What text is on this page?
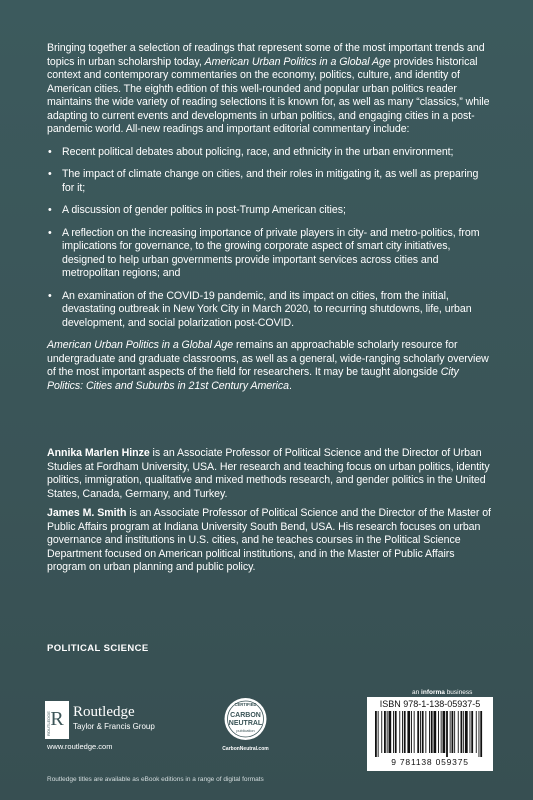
Bringing together a selection of readings that represent some of the most important trends and topics in urban scholarship today, American Urban Politics in a Global Age provides historical context and contemporary commentaries on the economy, politics, culture, and identity of American cities. The eighth edition of this well-rounded and popular urban politics reader maintains the wide variety of reading selections it is known for, as well as many “classics,” while adapting to current events and developments in urban politics, and engaging cities in a post-pandemic world. All-new readings and important editorial commentary include:

• Recent political debates about policing, race, and ethnicity in the urban environment;
• The impact of climate change on cities, and their roles in mitigating it, as well as preparing for it;
• A discussion of gender politics in post-Trump American cities;
• A reflection on the increasing importance of private players in city- and metro-politics, from implications for governance, to the growing corporate aspect of smart city initiatives, designed to help urban governments provide important services across cities and metropolitan regions; and
• An examination of the COVID-19 pandemic, and its impact on cities, from the initial, devastating outbreak in New York City in March 2020, to recurring shutdowns, life, urban development, and social polarization post-COVID.

American Urban Politics in a Global Age remains an approachable scholarly resource for undergraduate and graduate classrooms, as well as a general, wide-ranging scholarly overview of the most important aspects of the field for researchers. It may be taught alongside City Politics: Cities and Suburbs in 21st Century America.

Annika Marlen Hinze is an Associate Professor of Political Science and the Director of Urban Studies at Fordham University, USA. Her research and teaching focus on urban politics, identity politics, immigration, qualitative and mixed methods research, and gender politics in the United States, Canada, Germany, and Turkey.

James M. Smith is an Associate Professor of Political Science and the Director of the Master of Public Affairs program at Indiana University South Bend, USA. His research focuses on urban governance and institutions in U.S. cities, and he teaches courses in the Political Science Department focused on American political institutions, and in the Master of Public Affairs program on urban planning and public policy.

POLITICAL SCIENCE
R
ROUTLEDGE Routledge
Taylor & Francis Group
www.routledge.com
CERTIFIED
CARBON
NEUTRAL
publication
CarbonNeutral.com
an informa business
ISBN 978-1-138-05937-5
9 781138 059375
Routledge titles are available as eBook editions in a range of digital formats
